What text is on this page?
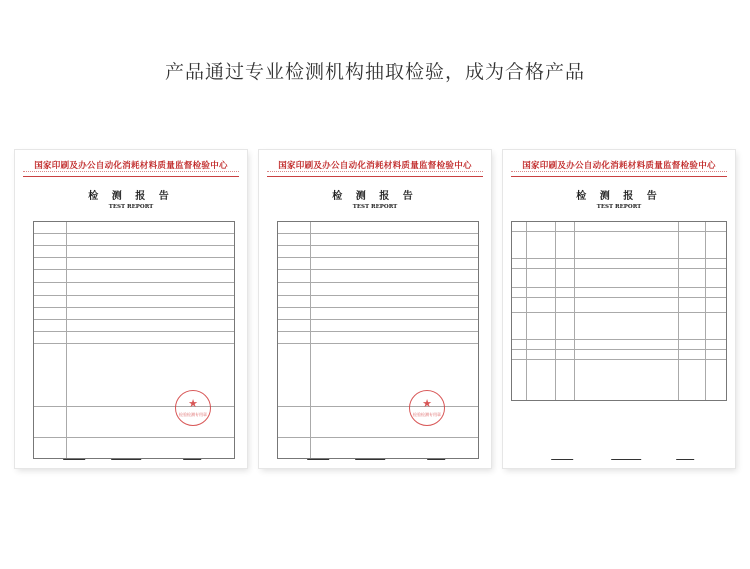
产品通过专业检测机构抽取检验，成为合格产品
国家印刷及办公自动化消耗材料质量监督检验中心
检 测 报 告
TEST REPORT
★
检验检测专用章
国家印刷及办公自动化消耗材料质量监督检验中心
检 测 报 告
TEST REPORT
★
检验检测专用章
国家印刷及办公自动化消耗材料质量监督检验中心
检 测 报 告
TEST REPORT
